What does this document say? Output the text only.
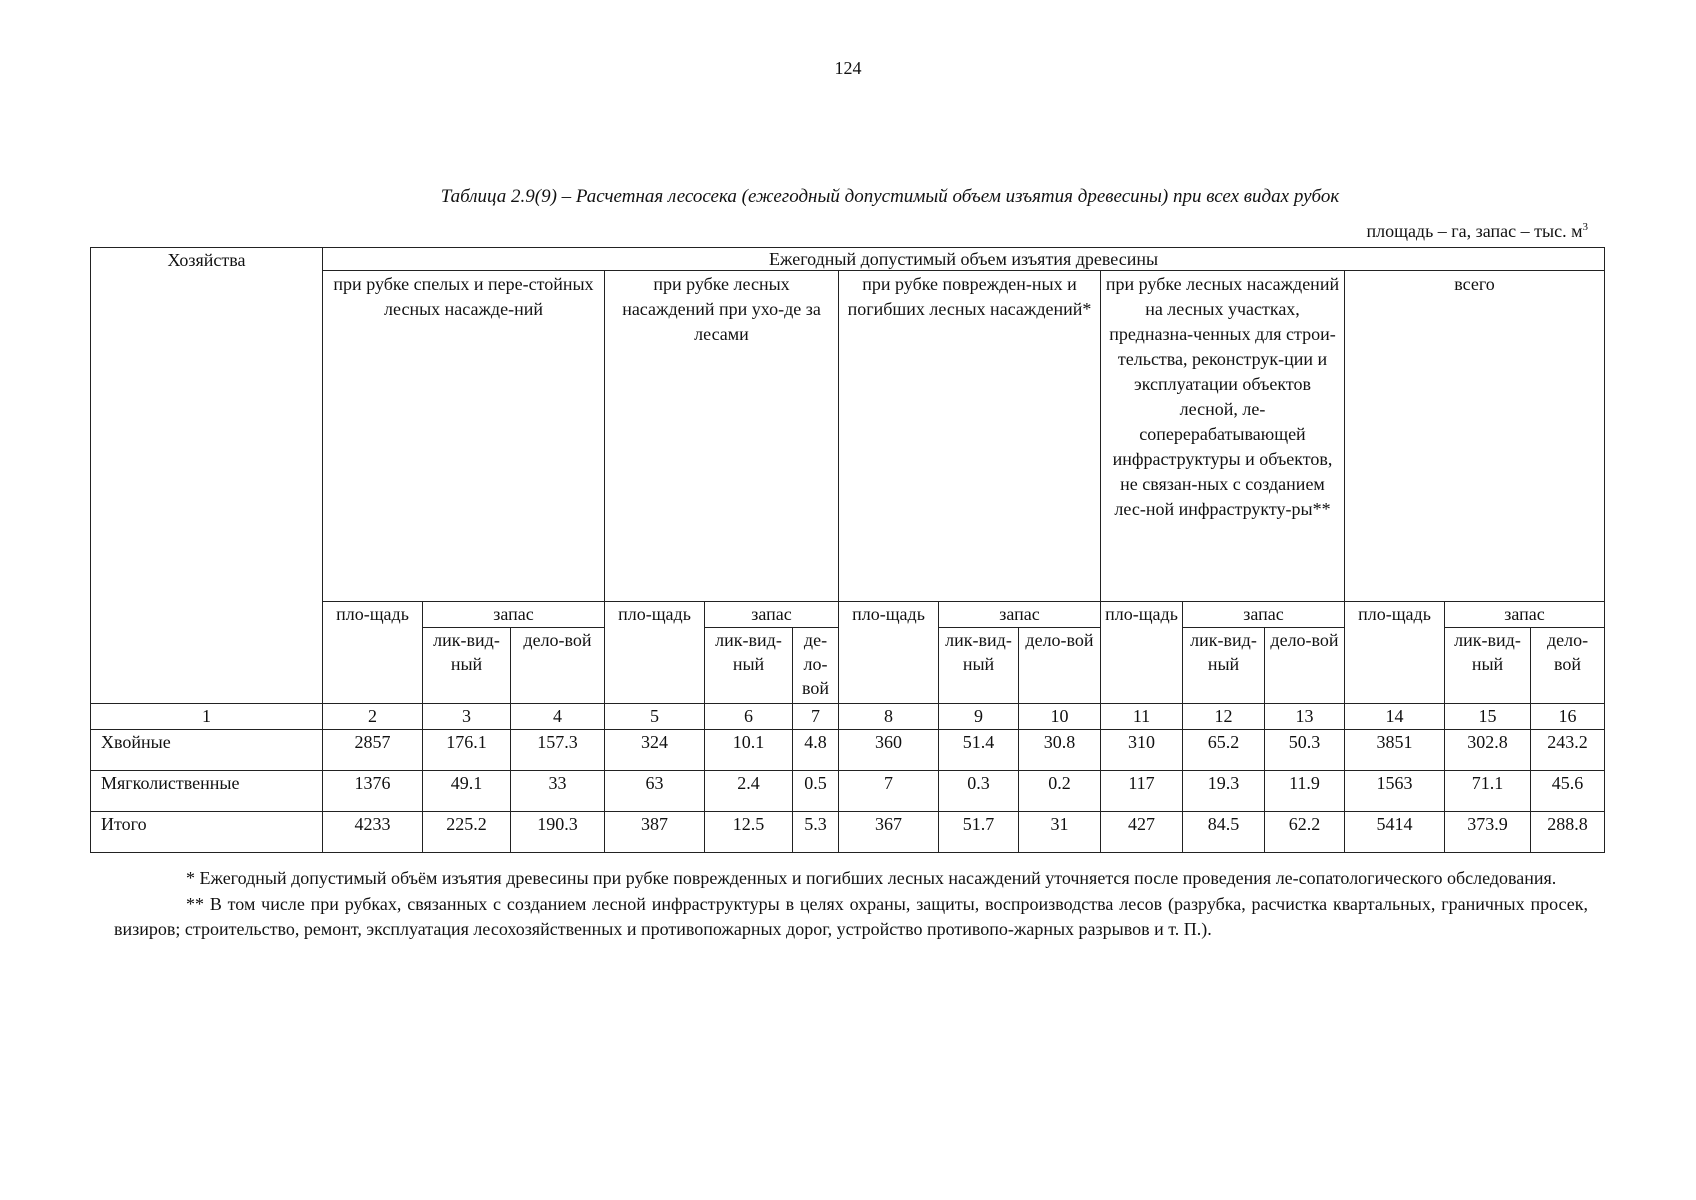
124
Таблица 2.9(9) – Расчетная лесосека (ежегодный допустимый объем изъятия древесины) при всех видах рубок
площадь – га, запас – тыс. $м^3$
Хозяйства	Ежегодный допустимый объем изъятия древесины														
	при рубке спелых и пере-стойных лесных насажде-ний			при рубке лесных насаждений при ухо-де за лесами			при рубке поврежден-ных и погибших лесных насаждений*			при рубке лесных насаждений на лесных участках, предназна-ченных для строи-тельства, реконструк-ции и эксплуатации объектов лесной, ле-соперерабатывающей инфраструктуры и объектов, не связан-ных с созданием лес-ной инфраструкту-ры**			всего		
	пло-щадь	запас		пло-щадь	запас		пло-щадь	запас		пло-щадь	запас		пло-щадь	запас	
		лик-вид-ный	дело-вой		лик-вид-ный	де-ло-вой		лик-вид-ный	дело-вой		лик-вид-ный	дело-вой		лик-вид-ный	дело-вой
1	2	3	4	5	6	7	8	9	10	11	12	13	14	15	16
Хвойные	2857	176.1	157.3	324	10.1	4.8	360	51.4	30.8	310	65.2	50.3	3851	302.8	243.2
Мягколиственные	1376	49.1	33	63	2.4	0.5	7	0.3	0.2	117	19.3	11.9	1563	71.1	45.6
Итого	4233	225.2	190.3	387	12.5	5.3	367	51.7	31	427	84.5	62.2	5414	373.9	288.8

* Ежегодный допустимый объём изъятия древесины при рубке поврежденных и погибших лесных насаждений уточняется после проведения ле-сопатологического обследования.

** В том числе при рубках, связанных с созданием лесной инфраструктуры в целях охраны, защиты, воспроизводства лесов (разрубка, расчистка квартальных, граничных просек, визиров; строительство, ремонт, эксплуатация лесохозяйственных и противопожарных дорог, устройство противопо-жарных разрывов и т. П.).
